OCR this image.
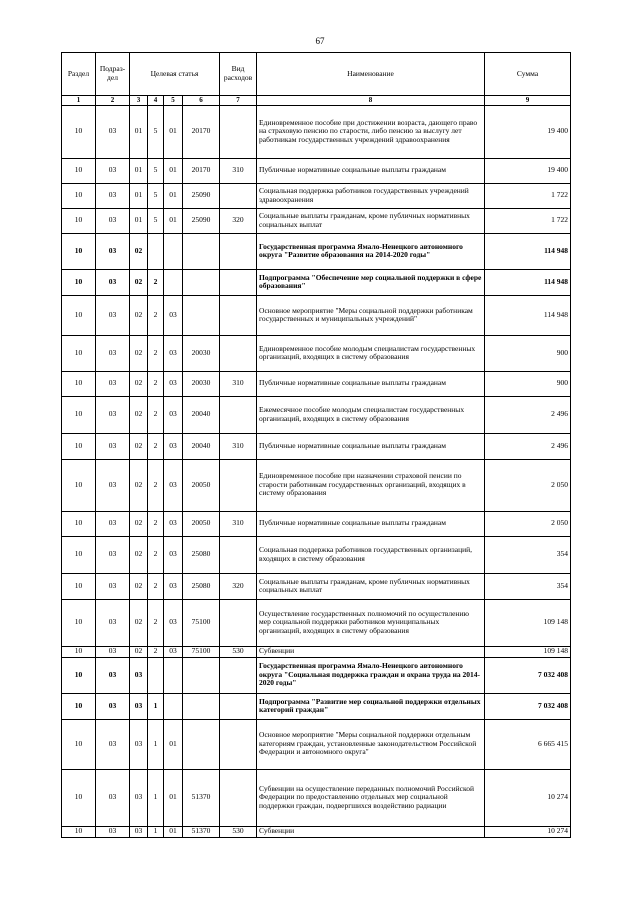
67
Раздел	Подраз- дел	Целевая статья				Вид расходов	Наименование	Сумма
1	2	3	4	5	6	7	8	9
10	03	01	5	01	20170		Единовременное пособие при достижении возраста, дающего право на страховую пенсию по старости, либо пенсию за выслугу лет работникам государственных учреждений здравоохранения	19 400
10	03	01	5	01	20170	310	Публичные нормативные социальные выплаты гражданам	19 400
10	03	01	5	01	25090		Социальная поддержка работников государственных учреждений здравоохранения	1 722
10	03	01	5	01	25090	320	Социальные выплаты гражданам, кроме публичных нормативных социальных выплат	1 722
10	03	02					Государственная программа Ямало-Ненецкого автономного округа "Развитие образования на 2014-2020 годы"	114 948
10	03	02	2				Подпрограмма "Обеспечение мер социальной поддержки в сфере образования"	114 948
10	03	02	2	03			Основное мероприятие "Меры социальной поддержки работникам государственных и муниципальных учреждений"	114 948
10	03	02	2	03	20030		Единовременное пособие молодым специалистам государственных организаций, входящих в систему образования	900
10	03	02	2	03	20030	310	Публичные нормативные социальные выплаты гражданам	900
10	03	02	2	03	20040		Ежемесячное пособие молодым специалистам государственных организаций, входящих в систему образования	2 496
10	03	02	2	03	20040	310	Публичные нормативные социальные выплаты гражданам	2 496
10	03	02	2	03	20050		Единовременное пособие при назначении страховой пенсии по старости работникам государственных организаций, входящих в систему образования	2 050
10	03	02	2	03	20050	310	Публичные нормативные социальные выплаты гражданам	2 050
10	03	02	2	03	25080		Социальная поддержка работников государственных организаций, входящих в систему образования	354
10	03	02	2	03	25080	320	Социальные выплаты гражданам, кроме публичных нормативных социальных выплат	354
10	03	02	2	03	75100		Осуществление государственных полномочий по осуществлению мер социальной поддержки работников муниципальных организаций, входящих в систему образования	109 148
10	03	02	2	03	75100	530	Субвенции	109 148
10	03	03					Государственная программа Ямало-Ненецкого автономного округа "Социальная поддержка граждан и охрана труда на 2014-2020 годы"	7 032 408
10	03	03	1				Подпрограмма "Развитие мер социальной поддержки отдельных категорий граждан"	7 032 408
10	03	03	1	01			Основное мероприятие "Меры социальной поддержки отдельным категориям граждан, установленные законодательством Российской Федерации и автономного округа"	6 665 415
10	03	03	1	01	51370		Субвенции на осуществление переданных полномочий Российской Федерации по предоставлению отдельных мер социальной поддержки граждан, подвергшихся воздействию радиации	10 274
10	03	03	1	01	51370	530	Субвенции	10 274
